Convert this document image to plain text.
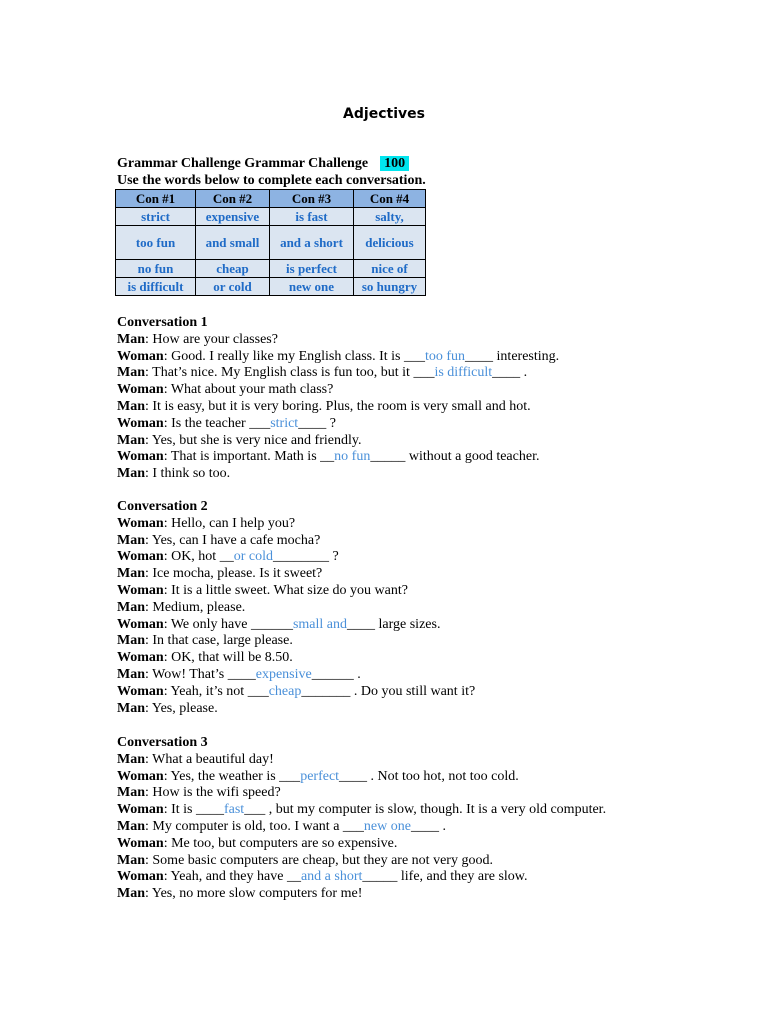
Adjectives
Grammar Challenge Grammar Challenge 100
Use the words below to complete each conversation.
Con #1	Con #2	Con #3	Con #4
strict	expensive	is fast	salty,
too fun	and small	and a short	delicious
no fun	cheap	is perfect	nice of
is difficult	or cold	new one	so hungry
Conversation 1
Man: How are your classes?
Woman: Good. I really like my English class. It is ___too fun____ interesting.
Man: That’s nice. My English class is fun too, but it ___is difficult____ .
Woman: What about your math class?
Man: It is easy, but it is very boring. Plus, the room is very small and hot.
Woman: Is the teacher ___strict____ ?
Man: Yes, but she is very nice and friendly.
Woman: That is important. Math is __no fun_____ without a good teacher.
Man: I think so too.
Conversation 2
Woman: Hello, can I help you?
Man: Yes, can I have a cafe mocha?
Woman: OK, hot __or cold________ ?
Man: Ice mocha, please. Is it sweet?
Woman: It is a little sweet. What size do you want?
Man: Medium, please.
Woman: We only have ______small and____ large sizes.
Man: In that case, large please.
Woman: OK, that will be 8.50.
Man: Wow! That’s ____expensive______ .
Woman: Yeah, it’s not ___cheap_______ . Do you still want it?
Man: Yes, please.
Conversation 3
Man: What a beautiful day!
Woman: Yes, the weather is ___perfect____ . Not too hot, not too cold.
Man: How is the wifi speed?
Woman: It is ____fast___ , but my computer is slow, though. It is a very old computer.
Man: My computer is old, too. I want a ___new one____ .
Woman: Me too, but computers are so expensive.
Man: Some basic computers are cheap, but they are not very good.
Woman: Yeah, and they have __and a short_____ life, and they are slow.
Man: Yes, no more slow computers for me!
